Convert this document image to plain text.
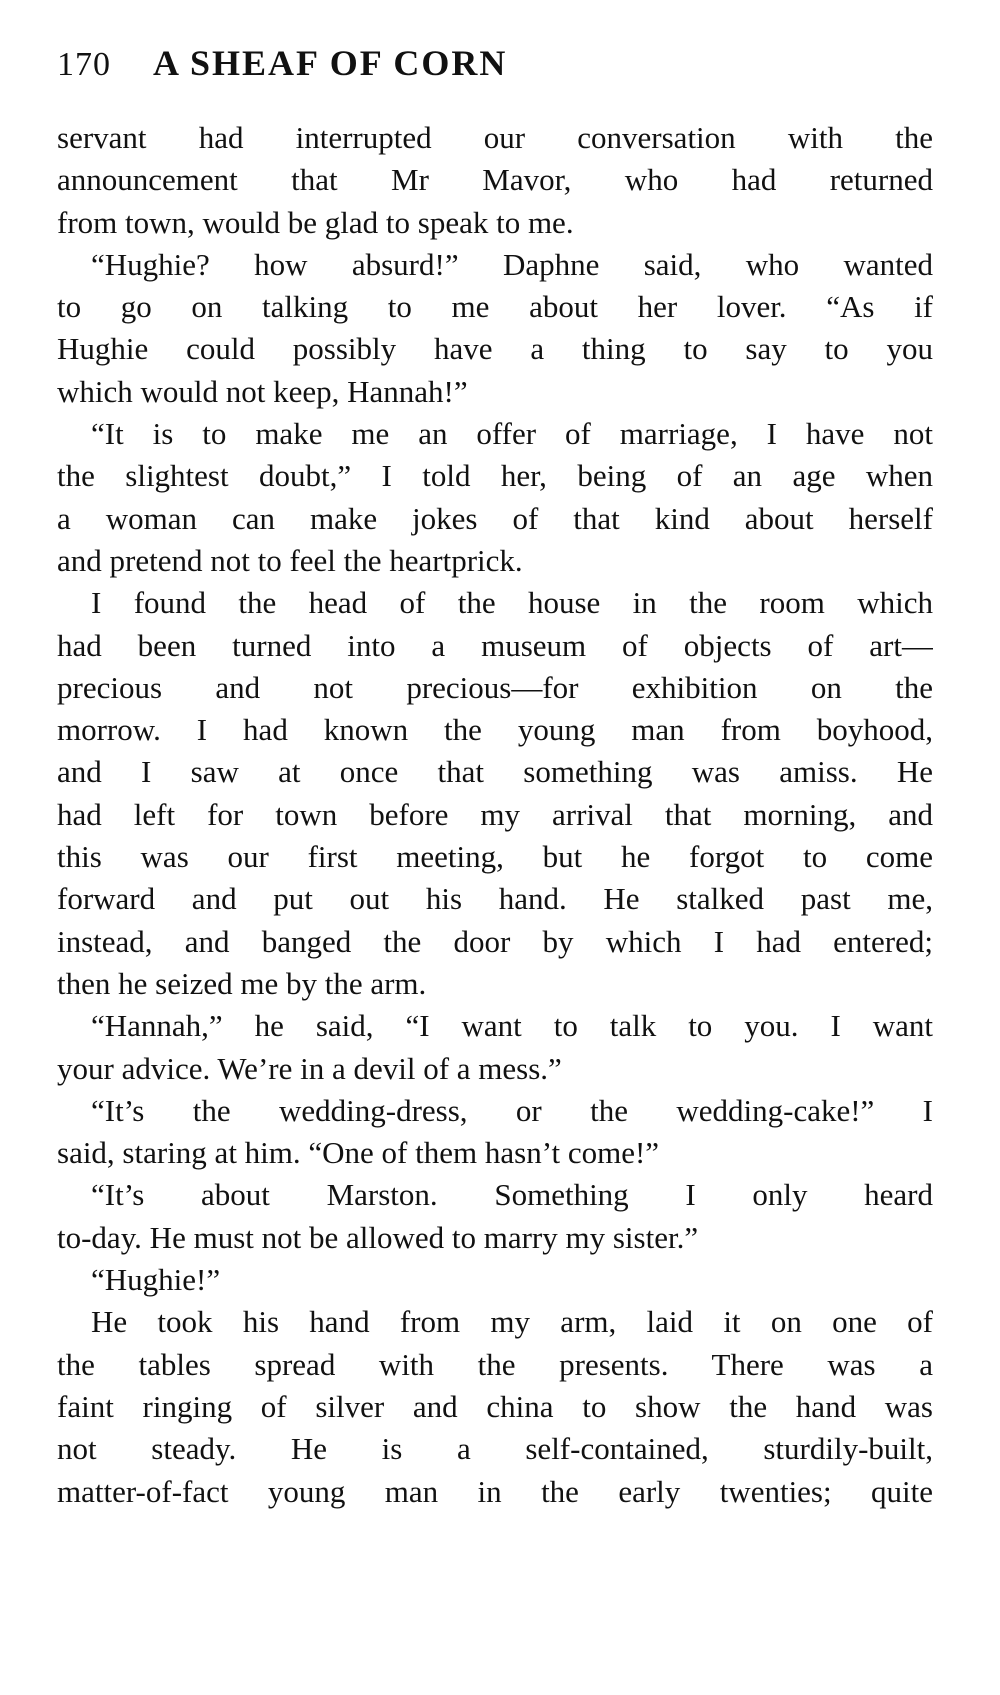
170 A SHEAF OF CORN
servant had interrupted our conversation with the
announcement that Mr Mavor, who had returned
from town, would be glad to speak to me.
“Hughie? how absurd!” Daphne said, who wanted
to go on talking to me about her lover. “As if
Hughie could possibly have a thing to say to you
which would not keep, Hannah!”
“It is to make me an offer of marriage, I have not
the slightest doubt,” I told her, being of an age when
a woman can make jokes of that kind about herself
and pretend not to feel the heartprick.
I found the head of the house in the room which
had been turned into a museum of objects of art—
precious and not precious—for exhibition on the
morrow. I had known the young man from boyhood,
and I saw at once that something was amiss. He
had left for town before my arrival that morning, and
this was our first meeting, but he forgot to come
forward and put out his hand. He stalked past me,
instead, and banged the door by which I had entered;
then he seized me by the arm.
“Hannah,” he said, “I want to talk to you. I want
your advice. We’re in a devil of a mess.”
“It’s the wedding-dress, or the wedding-cake!” I
said, staring at him. “One of them hasn’t come!”
“It’s about Marston. Something I only heard
to-day. He must not be allowed to marry my sister.”
“Hughie!”
He took his hand from my arm, laid it on one of
the tables spread with the presents. There was a
faint ringing of silver and china to show the hand was
not steady. He is a self-contained, sturdily-built,
matter-of-fact young man in the early twenties; quite
